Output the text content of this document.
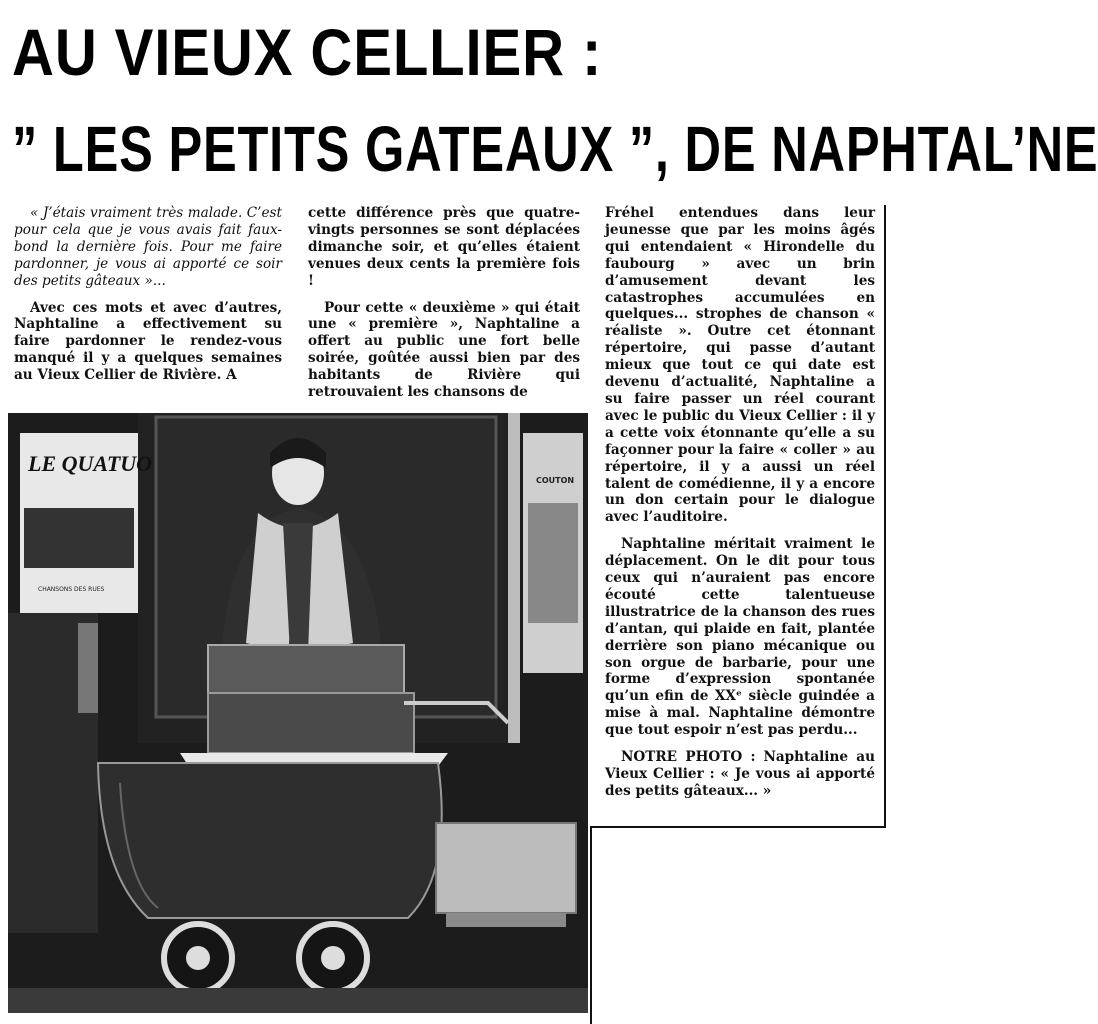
AU VIEUX CELLIER :
” LES PETITS GATEAUX ”, DE NAPHTAL’NE

« J’étais vraiment très malade. C’est pour cela que je vous avais fait faux-bond la dernière fois. Pour me faire pardonner, je vous ai apporté ce soir des petits gâteaux »...

Avec ces mots et avec d’autres, Naphtaline a effectivement su faire pardonner le rendez-vous manqué il y a quelques semaines au Vieux Cellier de Rivière. A

cette différence près que quatre-vingts personnes se sont déplacées dimanche soir, et qu’elles étaient venues deux cents la première fois !

Pour cette « deuxième » qui était une « première », Naphtaline a offert au public une fort belle soirée, goûtée aussi bien par des habitants de Rivière qui retrouvaient les chansons de

Fréhel entendues dans leur jeunesse que par les moins âgés qui entendaient « Hirondelle du faubourg » avec un brin d’amusement devant les catastrophes accumulées en quelques... strophes de chanson « réaliste ». Outre cet étonnant répertoire, qui passe d’autant mieux que tout ce qui date est devenu d’actualité, Naphtaline a su faire passer un réel courant avec le public du Vieux Cellier : il y a cette voix étonnante qu’elle a su façonner pour la faire « coller » au répertoire, il y a aussi un réel talent de comédienne, il y a encore un don certain pour le dialogue avec l’auditoire.

Naphtaline méritait vraiment le déplacement. On le dit pour tous ceux qui n’auraient pas encore écouté cette talentueuse illustratrice de la chanson des rues d’antan, qui plaide en fait, plantée derrière son piano mécanique ou son orgue de barbarie, pour une forme d’expression spontanée qu’un efin de XXᵉ siècle guindée a mise à mal. Naphtaline démontre que tout espoir n’est pas perdu...

NOTRE PHOTO : Naphtaline au Vieux Cellier : « Je vous ai apporté des petits gâteaux... »

LE QUATUO
CHANSONS DES RUES
COUTON
